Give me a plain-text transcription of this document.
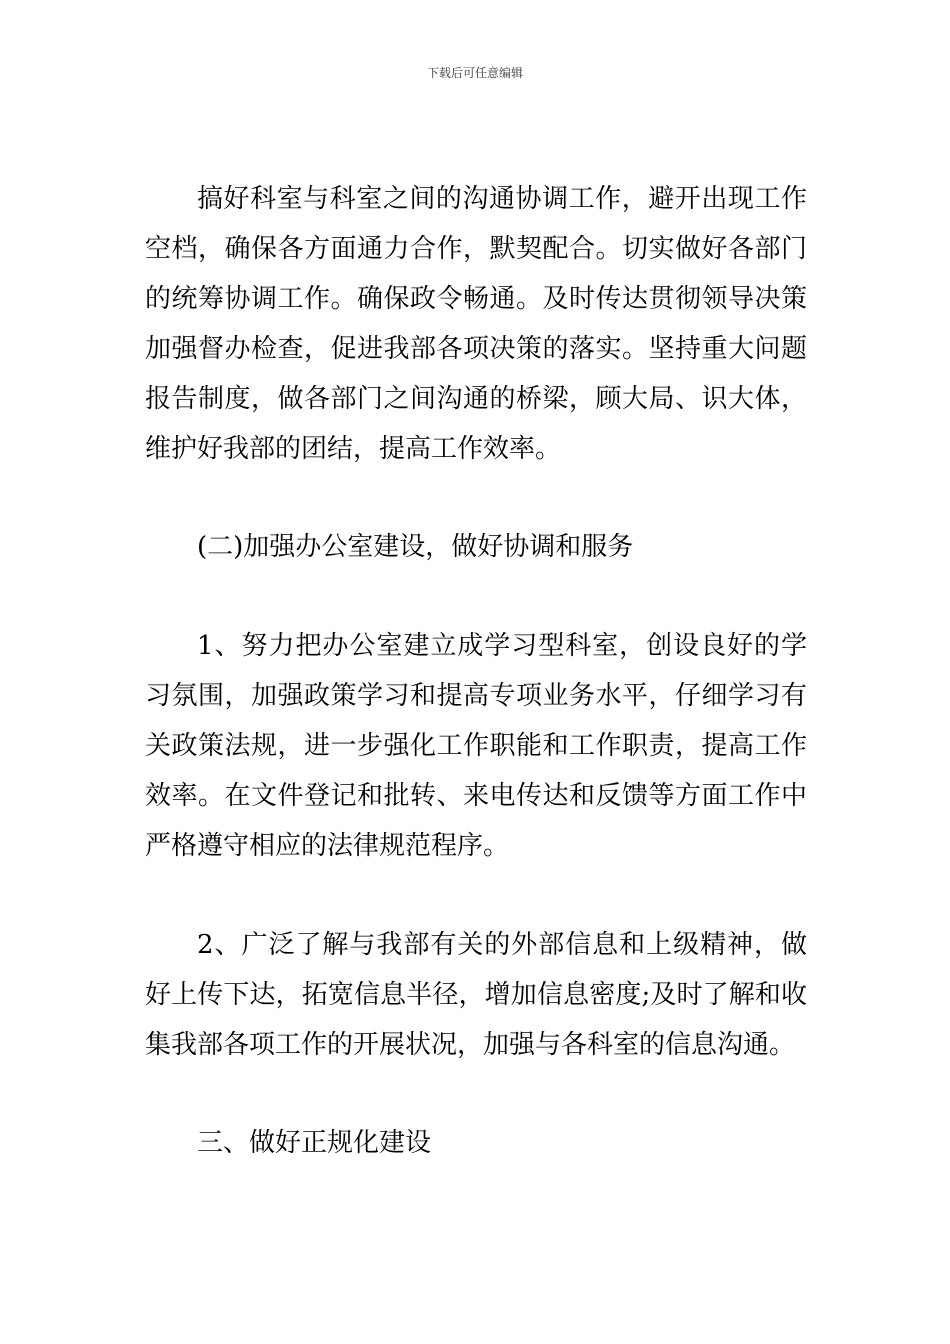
下载后可任意编辑

搞好科室与科室之间的沟通协调工作，避开出现工作空档，确保各方面通力合作，默契配合。切实做好各部门的统筹协调工作。确保政令畅通。及时传达贯彻领导决策加强督办检查，促进我部各项决策的落实。坚持重大问题报告制度，做各部门之间沟通的桥梁，顾大局、识大体，维护好我部的团结，提高工作效率。

(二)加强办公室建设，做好协调和服务

1、努力把办公室建立成学习型科室，创设良好的学习氛围，加强政策学习和提高专项业务水平，仔细学习有关政策法规，进一步强化工作职能和工作职责，提高工作效率。在文件登记和批转、来电传达和反馈等方面工作中严格遵守相应的法律规范程序。

2、广泛了解与我部有关的外部信息和上级精神，做好上传下达，拓宽信息半径，增加信息密度;及时了解和收集我部各项工作的开展状况，加强与各科室的信息沟通。

三、做好正规化建设
